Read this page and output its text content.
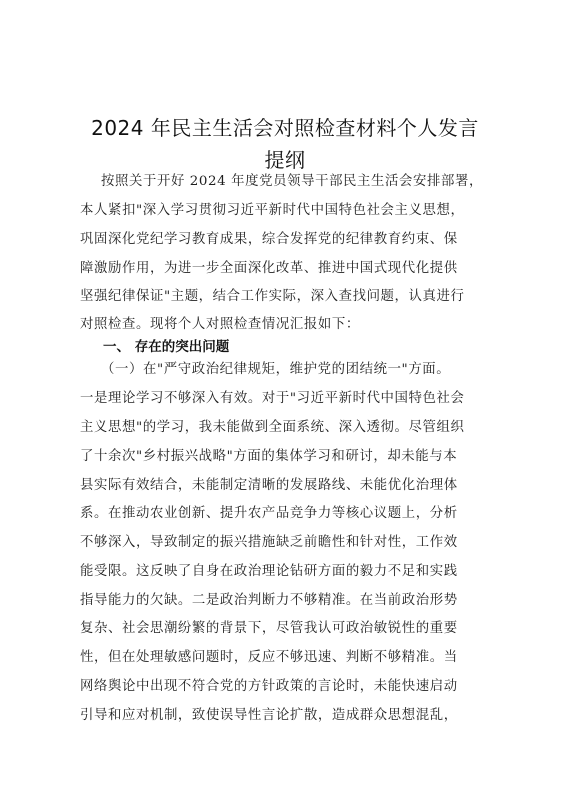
2024 年民主生活会对照检查材料个人发言
提纲
按照关于开好 2024 年度党员领导干部民主生活会安排部署，
本人紧扣"深入学习贯彻习近平新时代中国特色社会主义思想，
巩固深化党纪学习教育成果，综合发挥党的纪律教育约束、保
障激励作用，为进一步全面深化改革、推进中国式现代化提供
坚强纪律保证"主题，结合工作实际，深入查找问题，认真进行
对照检查。现将个人对照检查情况汇报如下：
一、 存在的突出问题
（一）在"严守政治纪律规矩，维护党的团结统一"方面。
一是理论学习不够深入有效。对于"习近平新时代中国特色社会
主义思想"的学习，我未能做到全面系统、深入透彻。尽管组织
了十余次"乡村振兴战略"方面的集体学习和研讨，却未能与本
县实际有效结合，未能制定清晰的发展路线、未能优化治理体
系。在推动农业创新、提升农产品竞争力等核心议题上，分析
不够深入，导致制定的振兴措施缺乏前瞻性和针对性，工作效
能受限。这反映了自身在政治理论钻研方面的毅力不足和实践
指导能力的欠缺。二是政治判断力不够精准。在当前政治形势
复杂、社会思潮纷繁的背景下，尽管我认可政治敏锐性的重要
性，但在处理敏感问题时，反应不够迅速、判断不够精准。当
网络舆论中出现不符合党的方针政策的言论时，未能快速启动
引导和应对机制，致使误导性言论扩散，造成群众思想混乱，
